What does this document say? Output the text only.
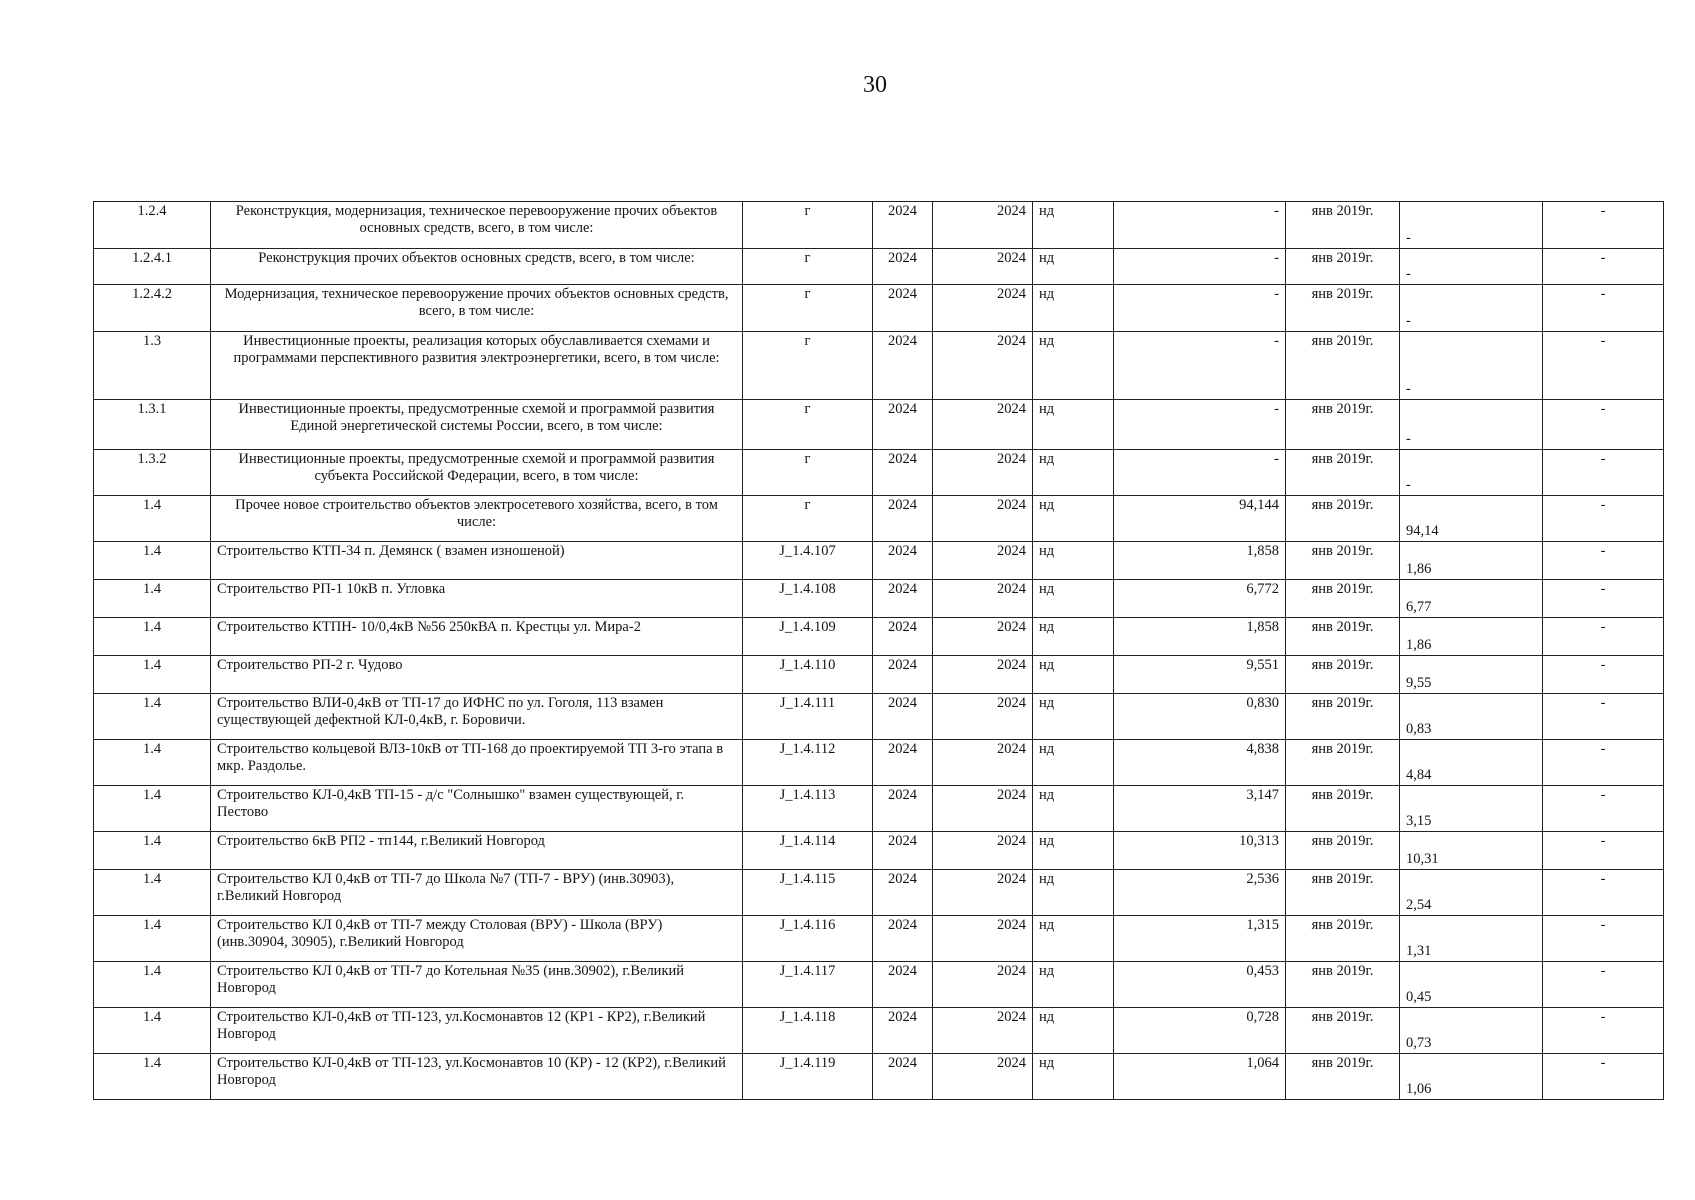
30
1.2.4	Реконструкция, модернизация, техническое перевооружение прочих объектов основных средств, всего, в том числе:	г	2024	2024	нд	-	янв 2019г.	-	-
1.2.4.1	Реконструкция прочих объектов основных средств, всего, в том числе:	г	2024	2024	нд	-	янв 2019г.	-	-
1.2.4.2	Модернизация, техническое перевооружение прочих объектов основных средств, всего, в том числе:	г	2024	2024	нд	-	янв 2019г.	-	-
1.3	Инвестиционные проекты, реализация которых обуславливается схемами и программами перспективного развития электроэнергетики, всего, в том числе:	г	2024	2024	нд	-	янв 2019г.	-	-
1.3.1	Инвестиционные проекты, предусмотренные схемой и программой развития Единой энергетической системы России, всего, в том числе:	г	2024	2024	нд	-	янв 2019г.	-	-
1.3.2	Инвестиционные проекты, предусмотренные схемой и программой развития субъекта Российской Федерации, всего, в том числе:	г	2024	2024	нд	-	янв 2019г.	-	-
1.4	Прочее новое строительство объектов электросетевого хозяйства, всего, в том числе:	г	2024	2024	нд	94,144	янв 2019г.	94,14	-
1.4	Строительство КТП-34 п. Демянск ( взамен изношеной)	J_1.4.107	2024	2024	нд	1,858	янв 2019г.	1,86	-
1.4	Строительство РП-1 10кВ п. Угловка	J_1.4.108	2024	2024	нд	6,772	янв 2019г.	6,77	-
1.4	Строительство КТПН- 10/0,4кВ №56 250кВА п. Крестцы ул. Мира-2	J_1.4.109	2024	2024	нд	1,858	янв 2019г.	1,86	-
1.4	Строительство РП-2 г. Чудово	J_1.4.110	2024	2024	нд	9,551	янв 2019г.	9,55	-
1.4	Строительство ВЛИ-0,4кВ от ТП-17 до ИФНС по ул. Гоголя, 113 взамен существующей дефектной КЛ-0,4кВ, г. Боровичи.	J_1.4.111	2024	2024	нд	0,830	янв 2019г.	0,83	-
1.4	Строительство кольцевой ВЛЗ-10кВ от ТП-168 до проектируемой ТП 3-го этапа в мкр. Раздолье.	J_1.4.112	2024	2024	нд	4,838	янв 2019г.	4,84	-
1.4	Строительство КЛ-0,4кВ ТП-15 - д/с "Солнышко" взамен существующей, г. Пестово	J_1.4.113	2024	2024	нд	3,147	янв 2019г.	3,15	-
1.4	Строительство 6кВ РП2 - тп144, г.Великий Новгород	J_1.4.114	2024	2024	нд	10,313	янв 2019г.	10,31	-
1.4	Строительство КЛ 0,4кВ от ТП-7 до Школа №7 (ТП-7 - ВРУ) (инв.30903), г.Великий Новгород	J_1.4.115	2024	2024	нд	2,536	янв 2019г.	2,54	-
1.4	Строительство КЛ 0,4кВ от ТП-7 между Столовая (ВРУ) - Школа (ВРУ) (инв.30904, 30905), г.Великий Новгород	J_1.4.116	2024	2024	нд	1,315	янв 2019г.	1,31	-
1.4	Строительство КЛ 0,4кВ от ТП-7 до Котельная №35 (инв.30902), г.Великий Новгород	J_1.4.117	2024	2024	нд	0,453	янв 2019г.	0,45	-
1.4	Строительство КЛ-0,4кВ от ТП-123, ул.Космонавтов 12 (КР1 - КР2), г.Великий Новгород	J_1.4.118	2024	2024	нд	0,728	янв 2019г.	0,73	-
1.4	Строительство КЛ-0,4кВ от ТП-123, ул.Космонавтов 10 (КР) - 12 (КР2), г.Великий Новгород	J_1.4.119	2024	2024	нд	1,064	янв 2019г.	1,06	-
